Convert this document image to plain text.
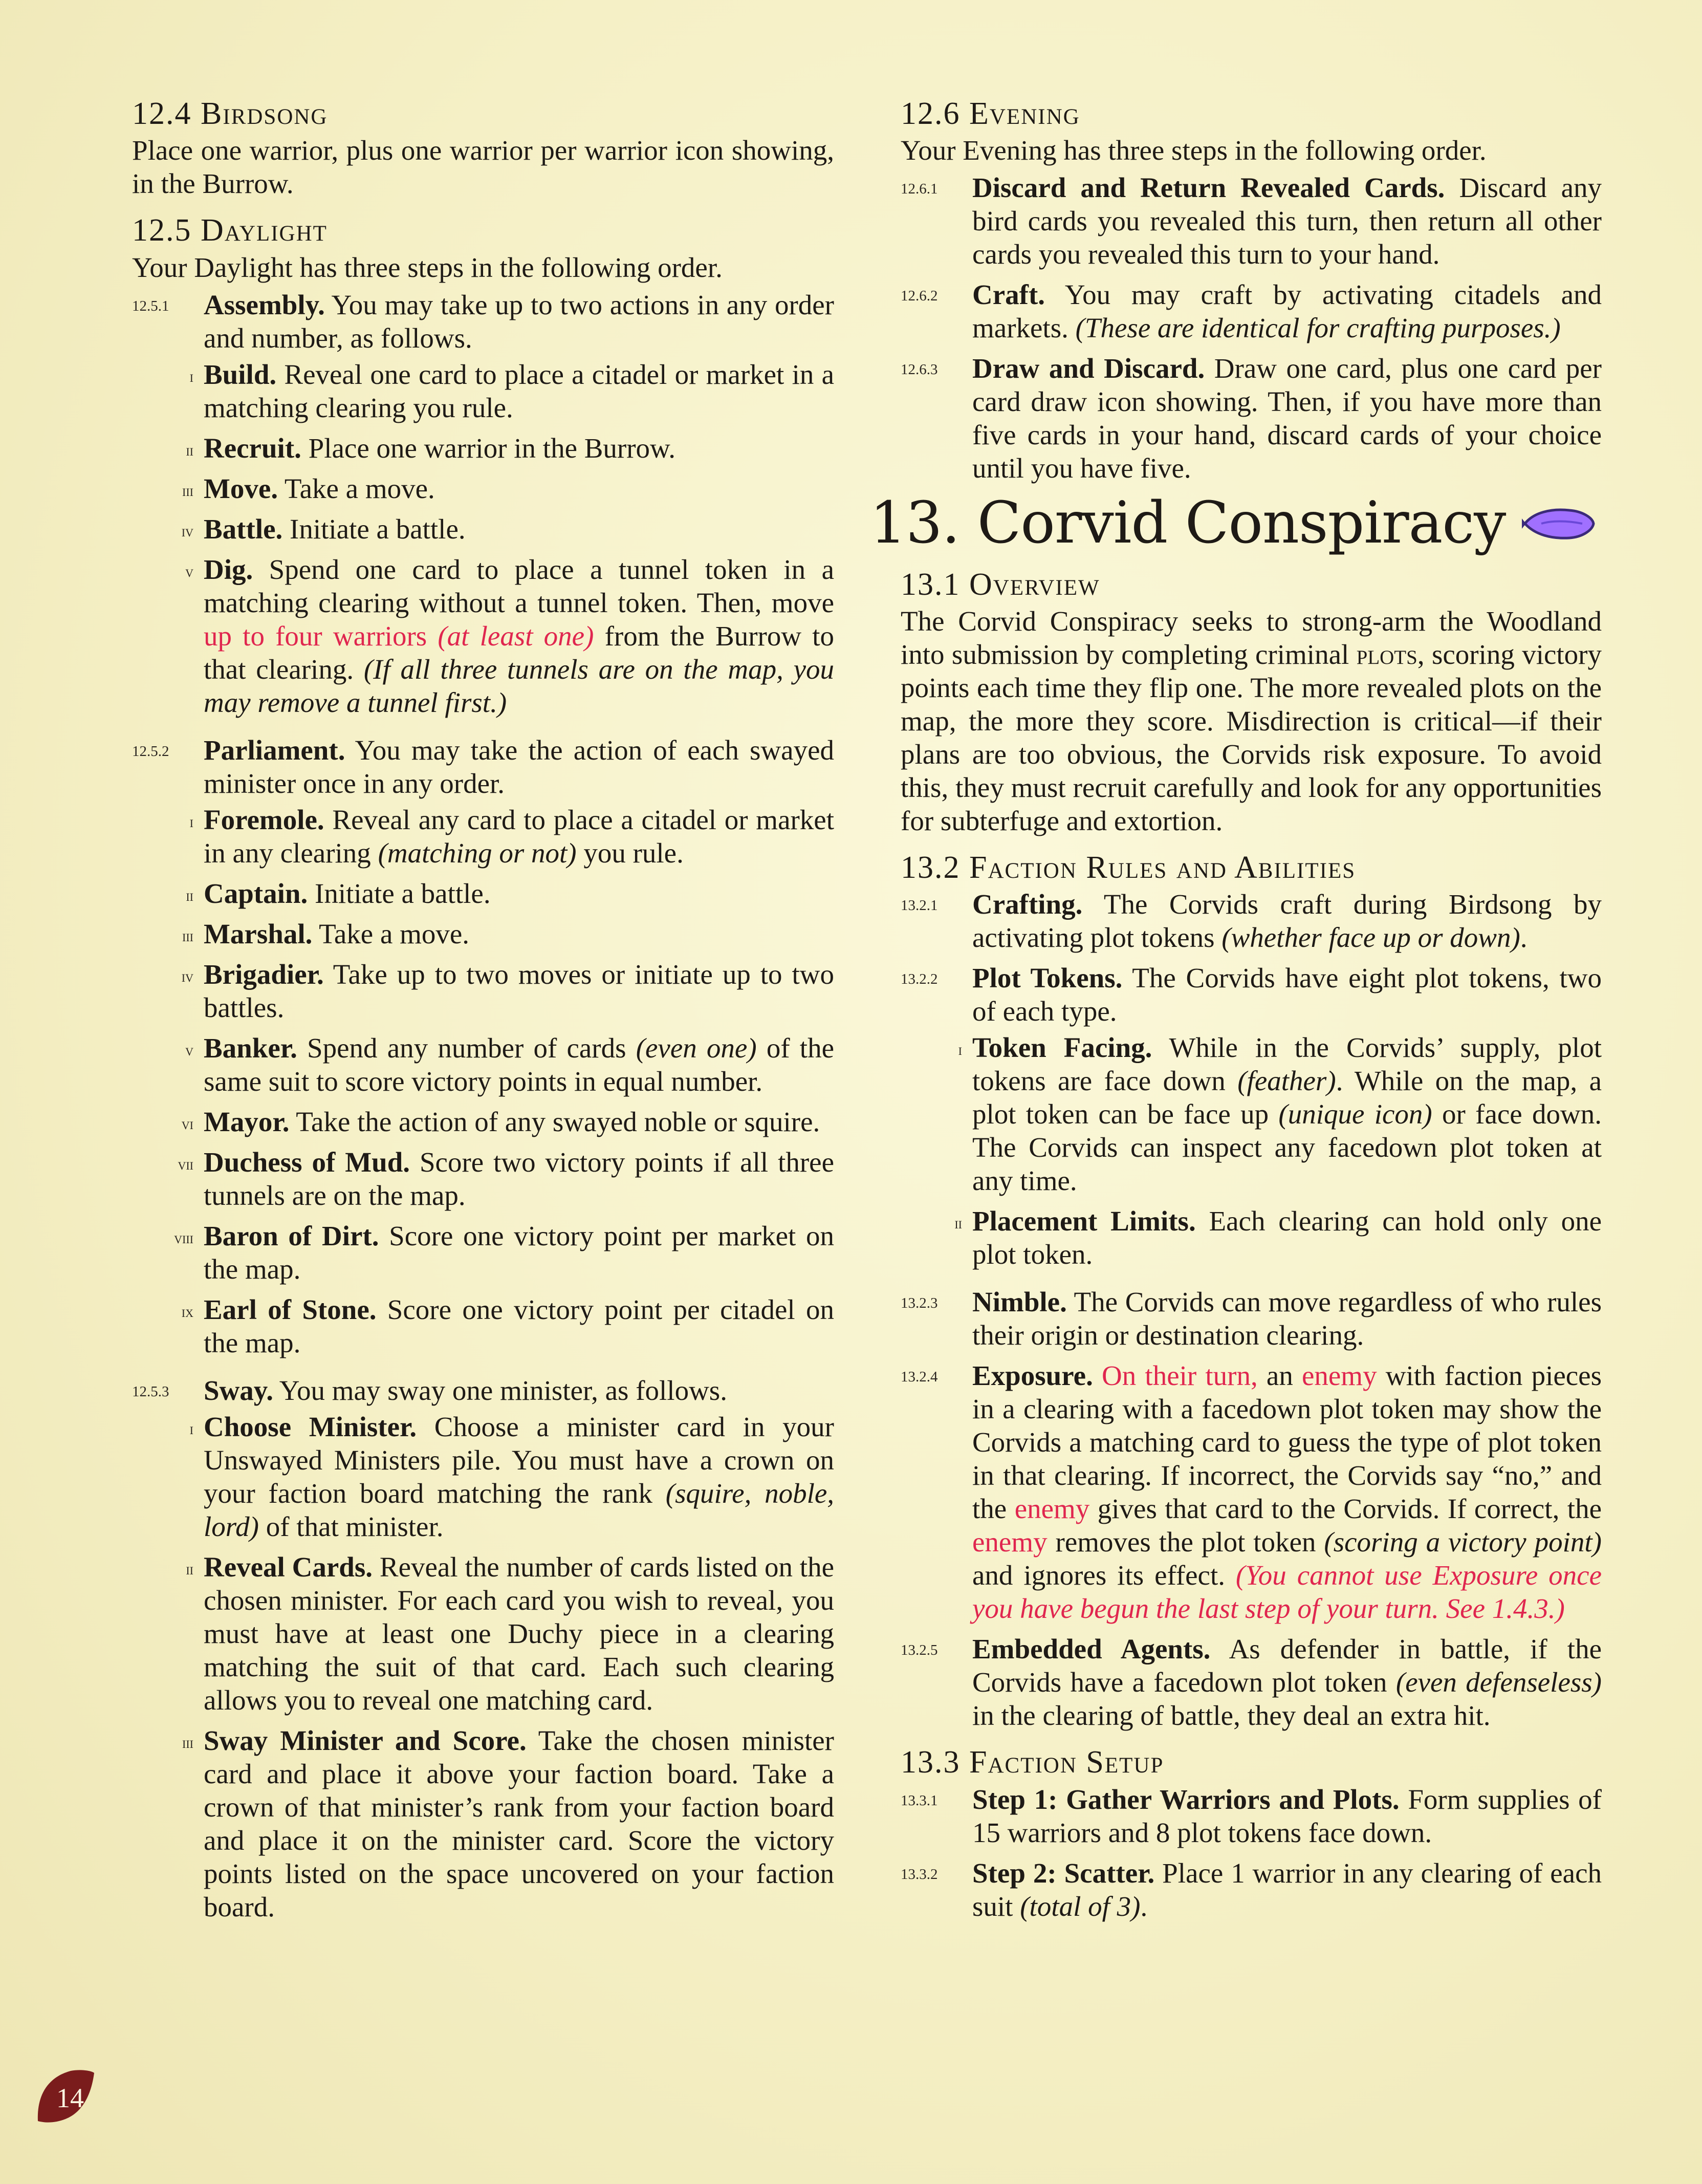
12.4 Birdsong

Place one warrior, plus one warrior per warrior icon showing, in the Burrow.

12.5 Daylight

Your Daylight has three steps in the following order.

12.5.1	Assembly. You may take up to two actions in any order and number, as follows.

i Build. Reveal one card to place a citadel or market in a matching clearing you rule.

ii Recruit. Place one warrior in the Burrow.

iii Move. Take a move.

iv Battle. Initiate a battle.

v Dig. Spend one card to place a tunnel token in a matching clearing without a tunnel token. Then, move up to four warriors (at least one) from the Burrow to that clearing. (If all three tunnels are on the map, you may remove a tunnel first.)

12.5.2	Parliament. You may take the action of each swayed minister once in any order.

i Foremole. Reveal any card to place a citadel or market in any clearing (matching or not) you rule.

ii Captain. Initiate a battle.

iii Marshal. Take a move.

iv Brigadier. Take up to two moves or initiate up to two battles.

v Banker. Spend any number of cards (even one) of the same suit to score victory points in equal number.

vi Mayor. Take the action of any swayed noble or squire.

vii Duchess of Mud. Score two victory points if all three tunnels are on the map.

viii Baron of Dirt. Score one victory point per market on the map.

ix Earl of Stone. Score one victory point per citadel on the map.

12.5.3	Sway. You may sway one minister, as follows.

i Choose Minister. Choose a minister card in your Unswayed Ministers pile. You must have a crown on your faction board matching the rank (squire, noble, lord) of that minister.

ii Reveal Cards. Reveal the number of cards listed on the chosen minister. For each card you wish to reveal, you must have at least one Duchy piece in a clearing matching the suit of that card. Each such clearing allows you to reveal one matching card.

iii Sway Minister and Score. Take the chosen minister card and place it above your faction board. Take a crown of that minister’s rank from your faction board and place it on the minister card. Score the victory points listed on the space uncovered on your faction board.

12.6 Evening

Your Evening has three steps in the following order.

12.6.1	Discard and Return Revealed Cards. Discard any bird cards you revealed this turn, then return all other cards you revealed this turn to your hand.

12.6.2	Craft. You may craft by activating citadels and markets. (These are identical for crafting purposes.)

12.6.3	Draw and Discard. Draw one card, plus one card per card draw icon showing. Then, if you have more than five cards in your hand, discard cards of your choice until you have five.

13. Corvid Conspiracy
13.1 Overview

The Corvid Conspiracy seeks to strong-arm the Woodland into submission by completing criminal plots, scoring victory points each time they flip one. The more revealed plots on the map, the more they score. Misdirection is critical—if their plans are too obvious, the Corvids risk exposure. To avoid this, they must recruit carefully and look for any opportunities for subterfuge and extortion.

13.2 Faction Rules and Abilities
13.2.1	Crafting. The Corvids craft during Birdsong by activating plot tokens (whether face up or down).

13.2.2	Plot Tokens. The Corvids have eight plot tokens, two of each type.

i Token Facing. While in the Corvids’ supply, plot tokens are face down (feather). While on the map, a plot token can be face up (unique icon) or face down. The Corvids can inspect any facedown plot token at any time.

ii Placement Limits. Each clearing can hold only one plot token.

13.2.3	Nimble. The Corvids can move regardless of who rules their origin or destination clearing.

13.2.4	Exposure. On their turn, an enemy with faction pieces in a clearing with a facedown plot token may show the Corvids a matching card to guess the type of plot token in that clearing. If incorrect, the Corvids say “no,” and the enemy gives that card to the Corvids. If correct, the enemy removes the plot token (scoring a victory point) and ignores its effect. (You cannot use Exposure once you have begun the last step of your turn. See 1.4.3.)

13.2.5	Embedded Agents. As defender in battle, if the Corvids have a facedown plot token (even defenseless) in the clearing of battle, they deal an extra hit.

13.3 Faction Setup
13.3.1	Step 1: Gather Warriors and Plots. Form supplies of 15 warriors and 8 plot tokens face down.

13.3.2	Step 2: Scatter. Place 1 warrior in any clearing of each suit (total of 3).

14
